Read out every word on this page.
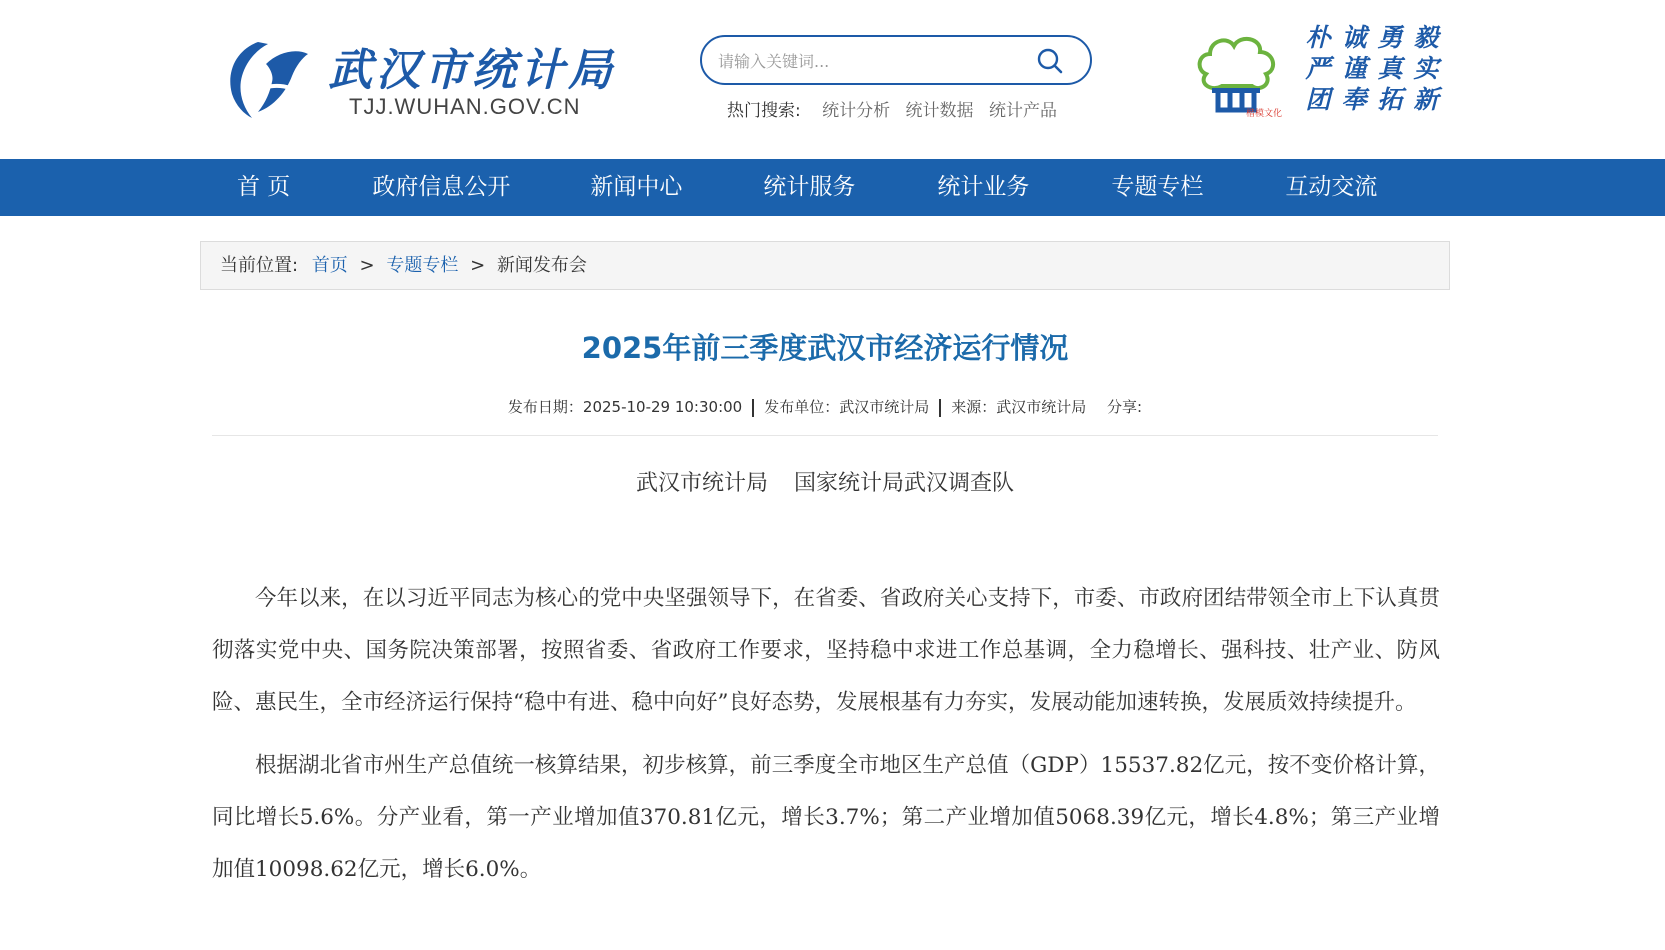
武汉市统计局
TJJ.WUHAN.GOV.CN
请输入关键词...	热门搜索: 统计分析 统计数据 统计产品	楷模文化
朴 诚 勇 毅
严 谨 真 实
团 奉 拓 新
首 页	政府信息公开	新闻中心	统计服务	统计业务	专题专栏	互动交流
当前位置: 首页 > 专题专栏 > 新闻发布会
2025年前三季度武汉市经济运行情况
发布日期：2025-10-29 10:30:00 发布单位：武汉市统计局 来源：武汉市统计局 分享:
武汉市统计局 国家统计局武汉调查队

今年以来，在以习近平同志为核心的党中央坚强领导下，在省委、省政府关心支持下，市委、市政府团结带领全市上下认真贯彻落实党中央、国务院决策部署，按照省委、省政府工作要求，坚持稳中求进工作总基调，全力稳增长、强科技、壮产业、防风险、惠民生，全市经济运行保持“稳中有进、稳中向好”良好态势，发展根基有力夯实，发展动能加速转换，发展质效持续提升。

根据湖北省市州生产总值统一核算结果，初步核算，前三季度全市地区生产总值（GDP）15537.82亿元，按不变价格计算，同比增长5.6%。分产业看，第一产业增加值370.81亿元，增长3.7%；第二产业增加值5068.39亿元，增长4.8%；第三产业增加值10098.62亿元，增长6.0%。
